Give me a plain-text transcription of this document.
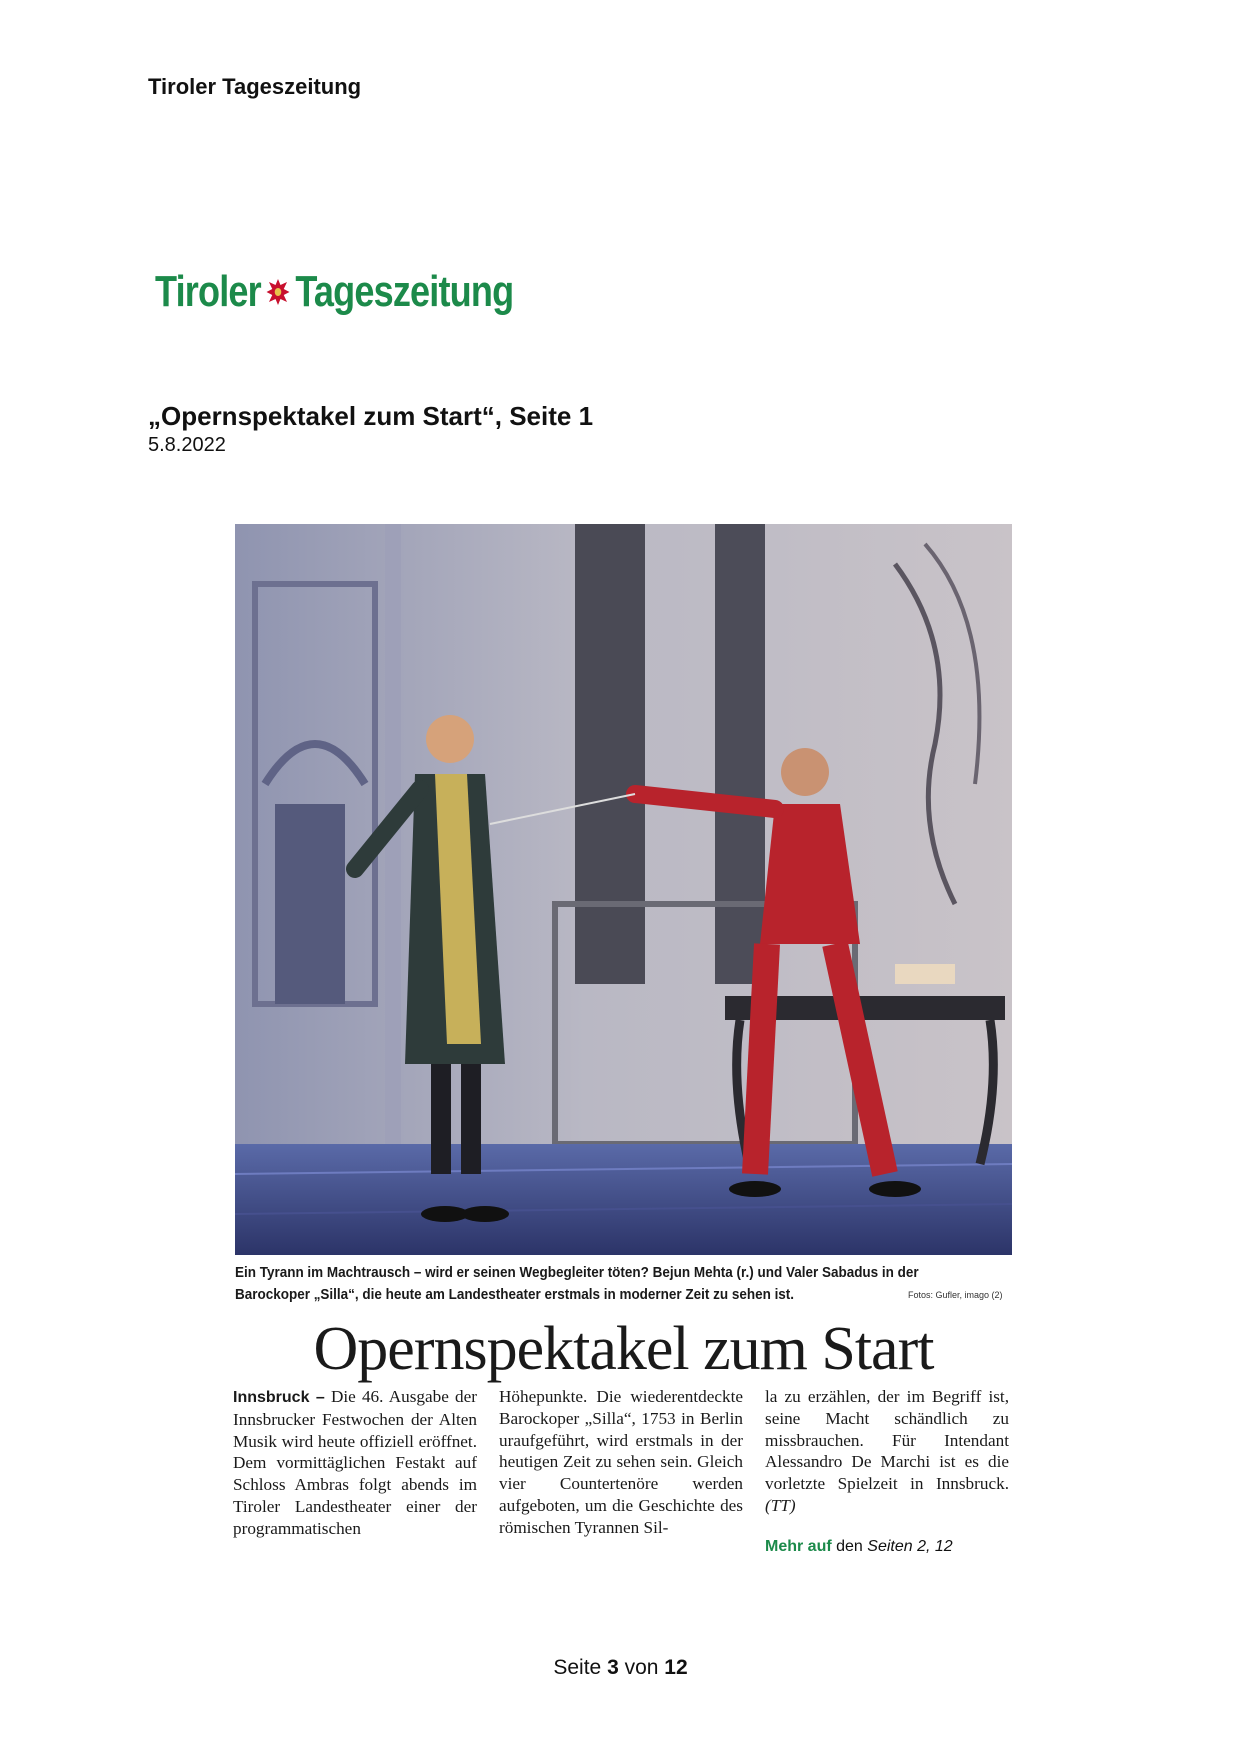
Tiroler Tageszeitung
Tiroler Tageszeitung
„Opernspektakel zum Start“, Seite 1
5.8.2022
Ein Tyrann im Machtrausch – wird er seinen Wegbegleiter töten? Bejun Mehta (r.) und Valer Sabadus in der Barockoper „Silla“, die heute am Landestheater erstmals in moderner Zeit zu sehen ist.	Fotos: Gufler, imago (2)
Opernspektakel zum Start
Innsbruck – Die 46. Ausgabe der Innsbrucker Festwochen der Alten Musik wird heute offiziell eröffnet. Dem vormittäglichen Festakt auf Schloss Ambras folgt abends im Tiroler Landestheater einer der programmatischen
Höhepunkte. Die wiederentdeckte Barockoper „Silla“, 1753 in Berlin uraufgeführt, wird erstmals in der heutigen Zeit zu sehen sein. Gleich vier Countertenöre werden aufgeboten, um die Geschichte des römischen Tyrannen Sil-
la zu erzählen, der im Begriff ist, seine Macht schändlich zu missbrauchen. Für Intendant Alessandro De Marchi ist es die vorletzte Spielzeit in Innsbruck. (TT)
Mehr auf den Seiten 2, 12
Seite 3 von 12
